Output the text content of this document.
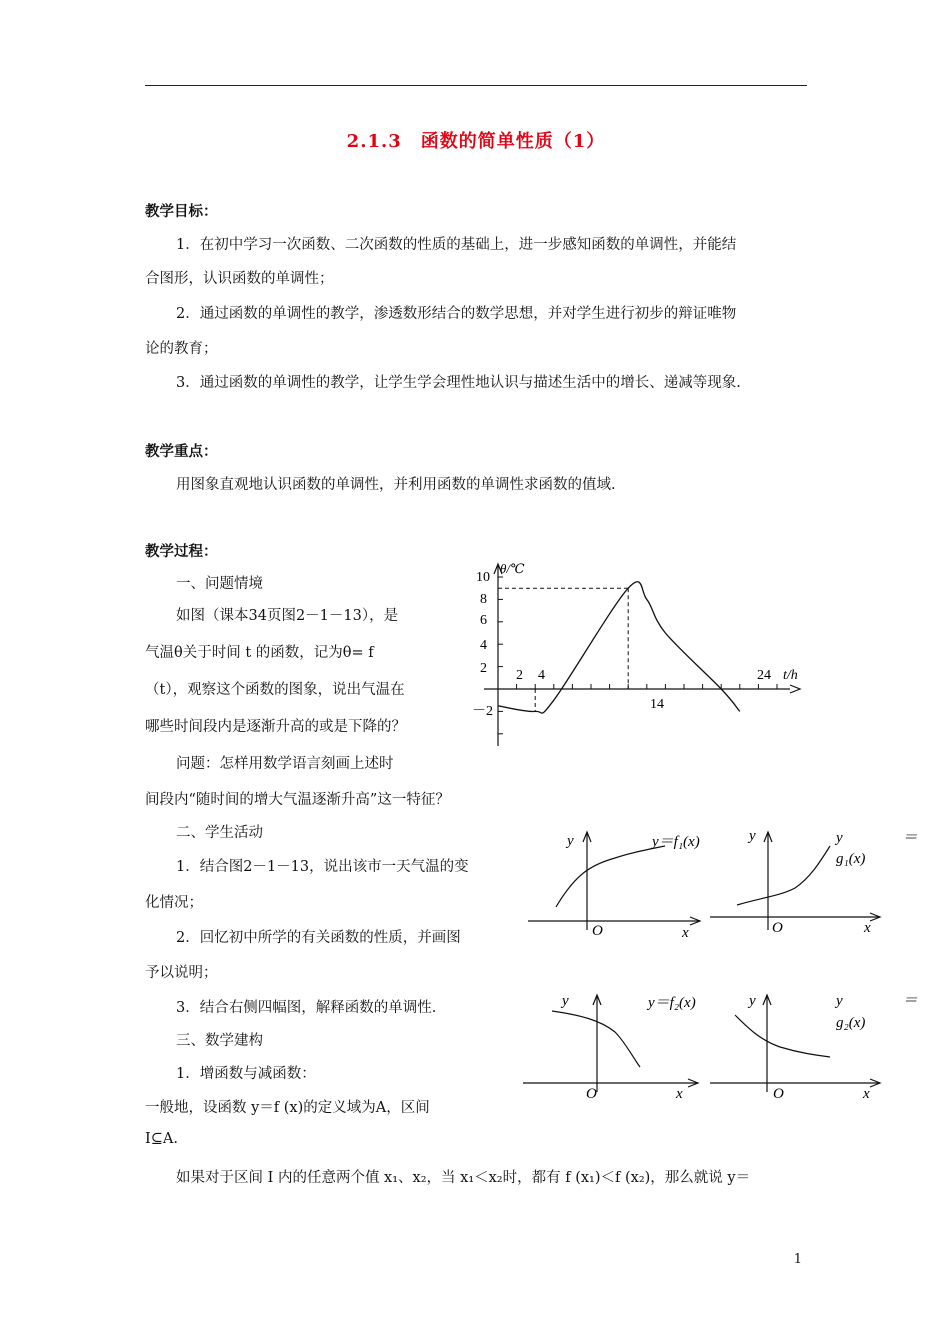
2.1.3　函数的简单性质（1）
教学目标：
1．在初中学习一次函数、二次函数的性质的基础上，进一步感知函数的单调性，并能结
合图形，认识函数的单调性；
2．通过函数的单调性的教学，渗透数形结合的数学思想，并对学生进行初步的辩证唯物
论的教育；
3．通过函数的单调性的教学，让学生学会理性地认识与描述生活中的增长、递减等现象.
教学重点：
用图象直观地认识函数的单调性，并利用函数的单调性求函数的值域.
教学过程：
一、问题情境
如图（课本34页图2－1－13），是
气温θ关于时间 t 的函数，记为θ= f
（t），观察这个函数的图象，说出气温在
哪些时间段内是逐渐升高的或是下降的？
问题：怎样用数学语言刻画上述时
间段内“随时间的增大气温逐渐升高”这一特征？
二、学生活动
1．结合图2－1－13，说出该市一天气温的变
化情况；
2．回忆初中所学的有关函数的性质，并画图
予以说明；
3．结合右侧四幅图，解释函数的单调性.
三、数学建构
1．增函数与减函数：
一般地，设函数 y＝f (x)的定义域为A，区间
I⊆A.
如果对于区间 I 内的任意两个值 x₁、x₂，当 x₁＜x₂时，都有 f (x₁)＜f (x₂)，那么就说 y＝
θ/℃
t/h
10
8
6
4
2
－2
2 4
14
24
y
O	x
y＝f₁(x)	y
O	x
y　　　　＝
g₁(x)
y
O	x
y＝f₂(x)	y
O	x
y　　　　＝
g₂(x)
1
